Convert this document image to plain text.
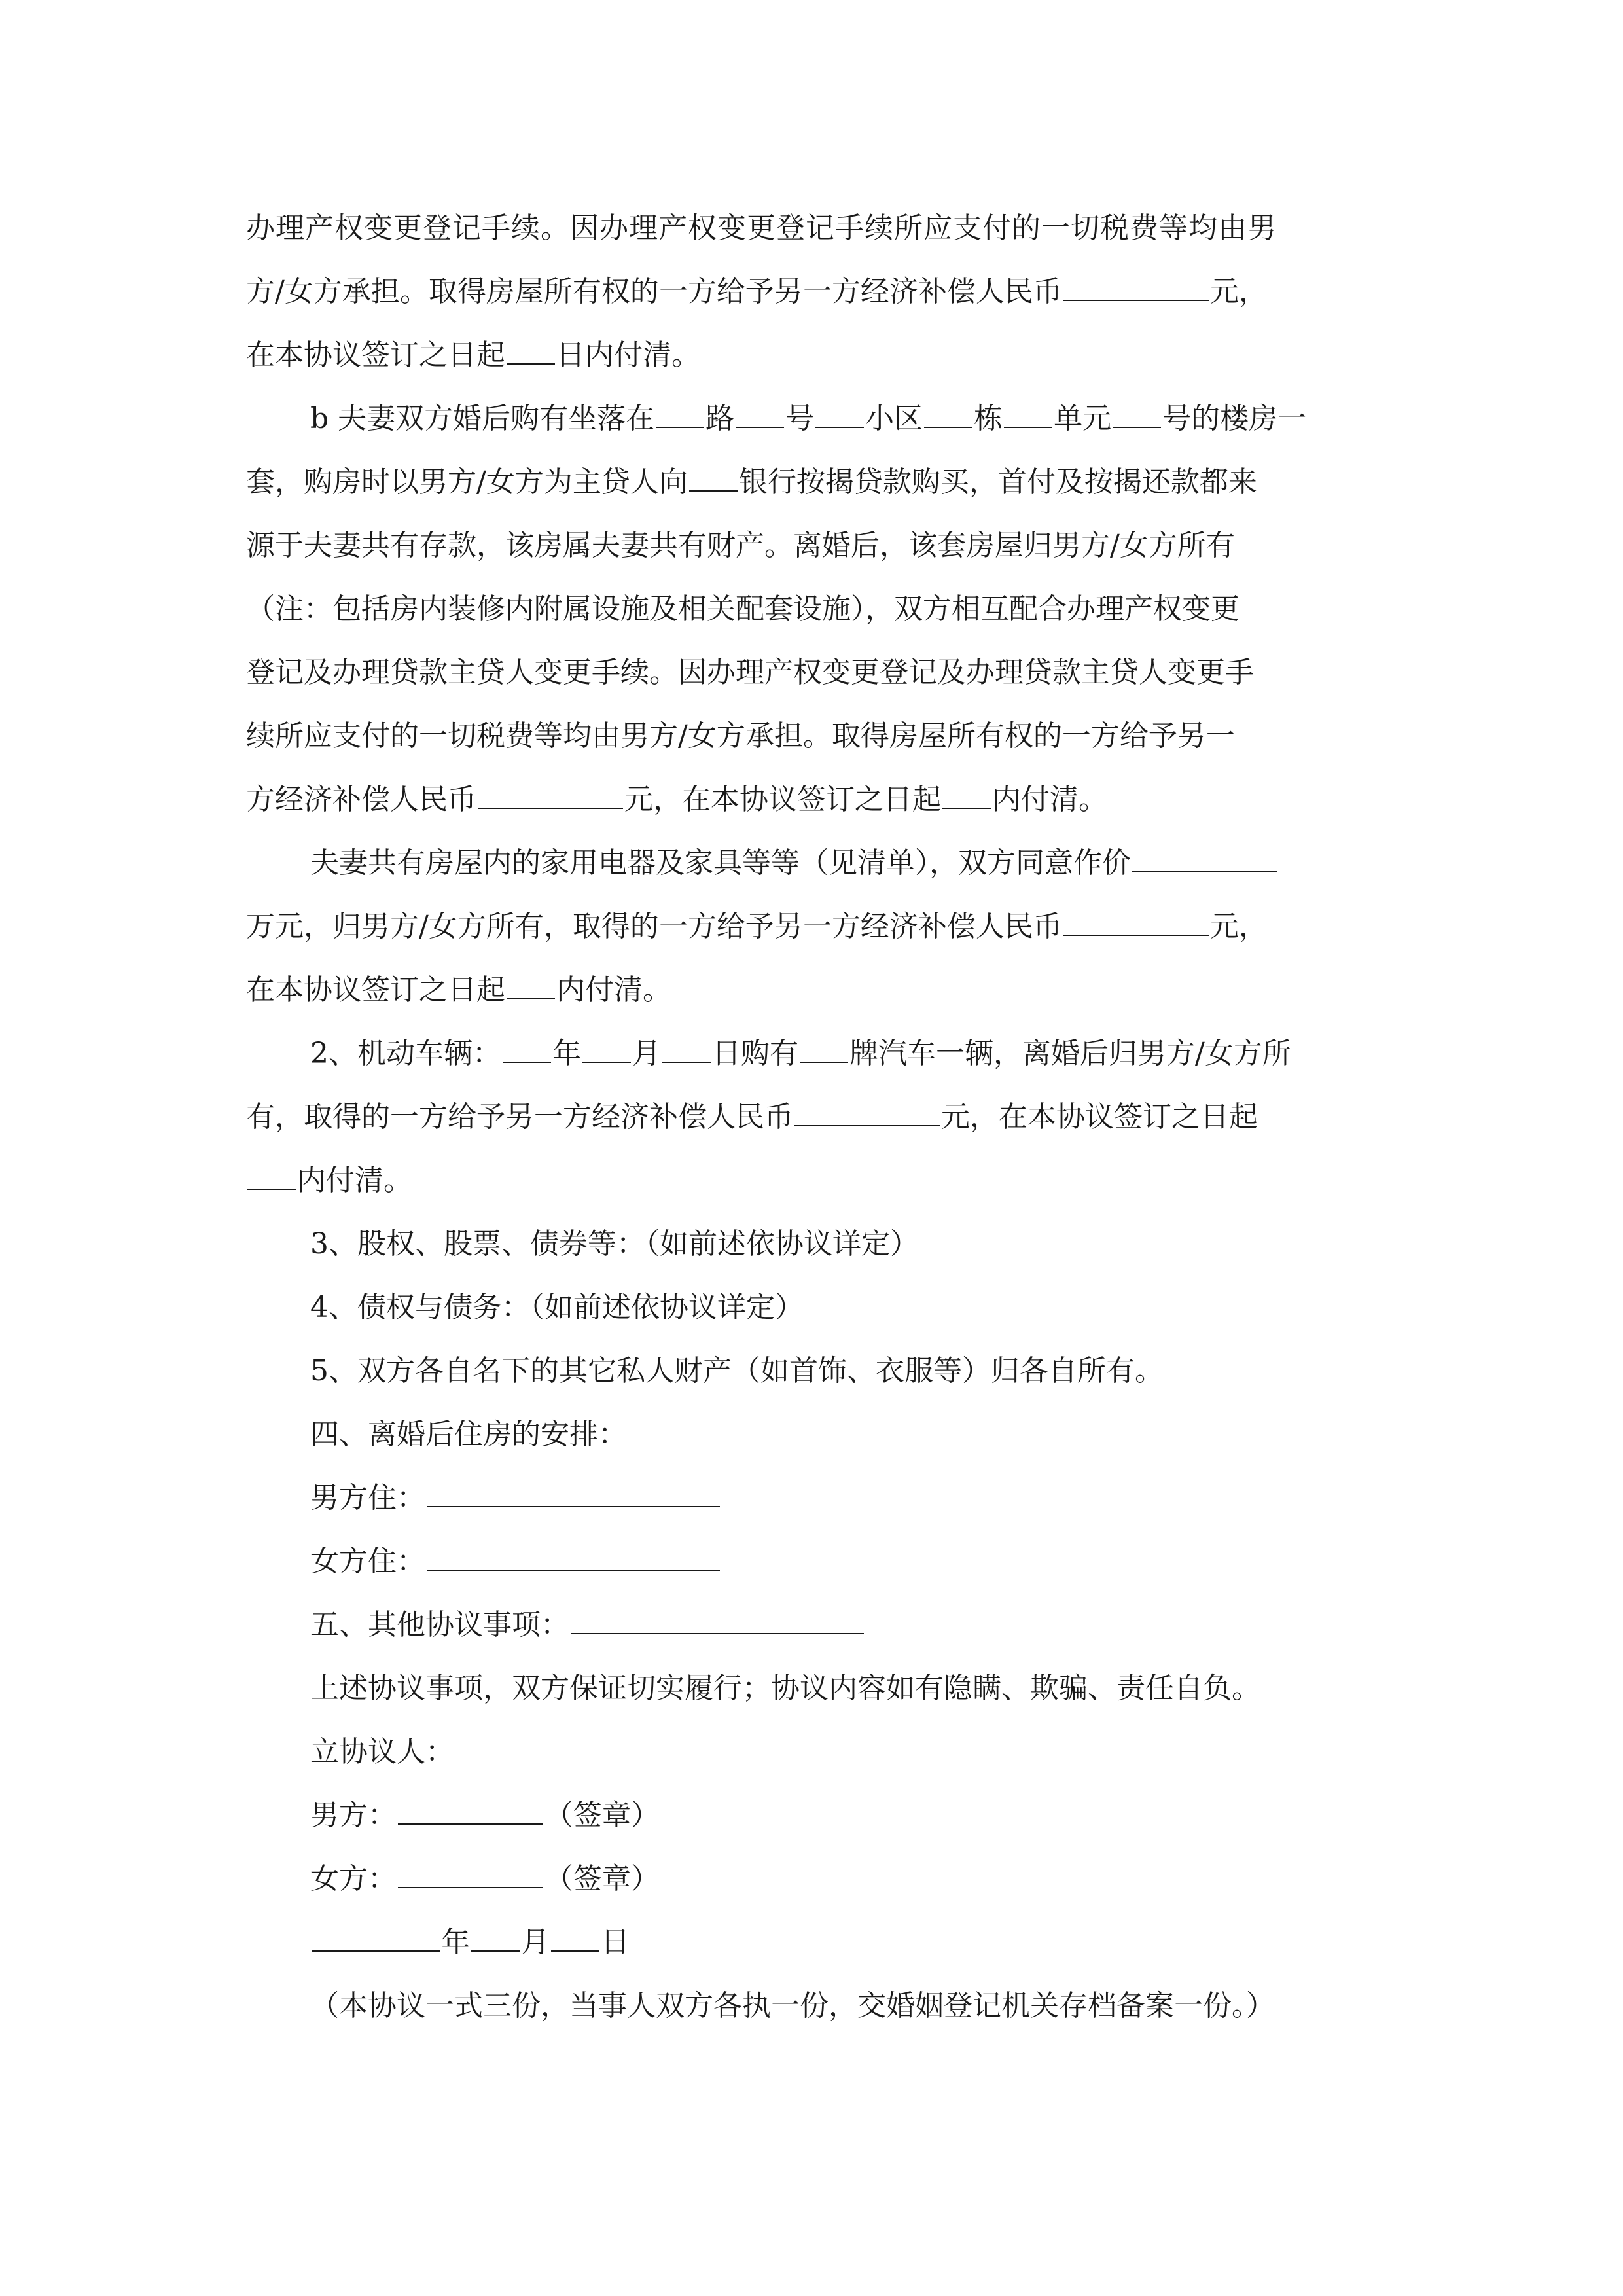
办理产权变更登记手续。因办理产权变更登记手续所应支付的一切税费等均由男
方/女方承担。取得房屋所有权的一方给予另一方经济补偿人民币	元，
在本协议签订之日起 日内付清。
b 夫妻双方婚后购有坐落在 路 号 小区 栋 单元 号的楼房一
套，购房时以男方/女方为主贷人向 银行按揭贷款购买，首付及按揭还款都来
源于夫妻共有存款，该房属夫妻共有财产。离婚后，该套房屋归男方/女方所有
（注：包括房内装修内附属设施及相关配套设施），双方相互配合办理产权变更
登记及办理贷款主贷人变更手续。因办理产权变更登记及办理贷款主贷人变更手
续所应支付的一切税费等均由男方/女方承担。取得房屋所有权的一方给予另一
方经济补偿人民币	元，在本协议签订之日起 内付清。
夫妻共有房屋内的家用电器及家具等等（见清单），双方同意作价
万元，归男方/女方所有，取得的一方给予另一方经济补偿人民币	元，
在本协议签订之日起 内付清。
2、机动车辆： 年 月 日购有 牌汽车一辆，离婚后归男方/女方所
有，取得的一方给予另一方经济补偿人民币	元，在本协议签订之日起
内付清。
3、股权、股票、债券等：（如前述依协议详定）
4、债权与债务：（如前述依协议详定）
5、双方各自名下的其它私人财产（如首饰、衣服等）归各自所有。
四、离婚后住房的安排：
男方住：
女方住：
五、其他协议事项：
上述协议事项，双方保证切实履行；协议内容如有隐瞒、欺骗、责任自负。
立协议人：
男方：	（签章）
女方：	（签章）
年 月 日
（本协议一式三份，当事人双方各执一份，交婚姻登记机关存档备案一份。）
